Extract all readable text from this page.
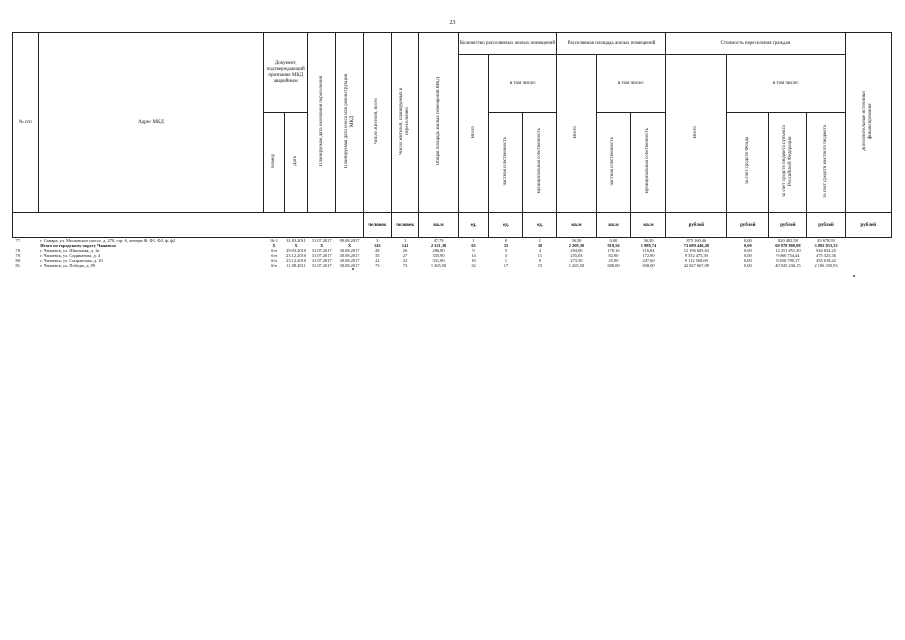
23
№ п/п	Адрес МКД	Документ, подтверждающий признание МКД аварийным		Планируемая дата окончания переселения	Планируемая дата сноса или реконструкции МКД	Число жителей, всего	Число жителей, планируемых к переселению	Общая площадь жилых помещений МКД	Количество расселяемых жилых помещений			Расселяемая площадь жилых помещений			Стоимость переселения граждан				Дополнительные источники финансирования
									Всего	в том числе:		Всего	в том числе:		Всего	в том числе:			
		Номер	Дата							частная собственность	муниципальная собственность		частная собственность	муниципальная собственность		за счет средств Фонда	за счет средств бюджета субъекта Российской Федерации	за счет средств местного бюджета	
						человек	человек	кв.м	ед.	ед.	ед.	кв.м	кв.м	кв.м	рублей	рублей	рублей	рублей	рублей
77.	г. Самара, ул. Московское шоссе, д. 270, стр. 6, литеры Ф, Ф1, Ф2, ф, ф2	16-1	31.03.2011	31.07.2017	09.08.2017	3	1	47,79	1	0	1	36,50	0,00	36,50	875 160,46	0,00	820 482,58	43 678,93	
	Итого по городскому округу Чапаевск	X	X	X	X	143	141	2 321,30	65	35	30	2 209,30	919,56	1 889,74	73 689 446,48	0,00	69 978 880,08	3 882 953,33	
78.	г. Чапаевск, ул. Школьная, д. 1в	б/н	29.03.2010	31.07.2017	30.08.2017	28	26	286,80	9	5	4	294,00	178,16	116,04	12 196 685,63	0,00	12 251 851,30	944 834,25	
79.	г. Чапаевск, ул. Сидикатова, д. 4	б/н	23.12.2010	31.07.2017	30.08.2017	33	27	335,90	14	3	11	255,03	82,90	172,90	9 552 475,39	0,00	9 066 754,44	475 325,36	
80.	г. Чапаевск, ул. Сызранская, д. 10	б/н	23.12.2010	31.07.2017	30.08.2017	22	22	331,00	10	1	9	273,50	25,90	247,60	9 112 568,69	0,00	8 656 790,17	455 618,42	
81.	г. Чапаевск, ул. Победы, д. 89	б/н	11.08.2011	31.07.2017	30.08.2017	73	73	1 365,50	32	17	15	1 265,50	608,00	658,00	42 827 667,09	0,00	40 925 236,15	2 106 350,93	
